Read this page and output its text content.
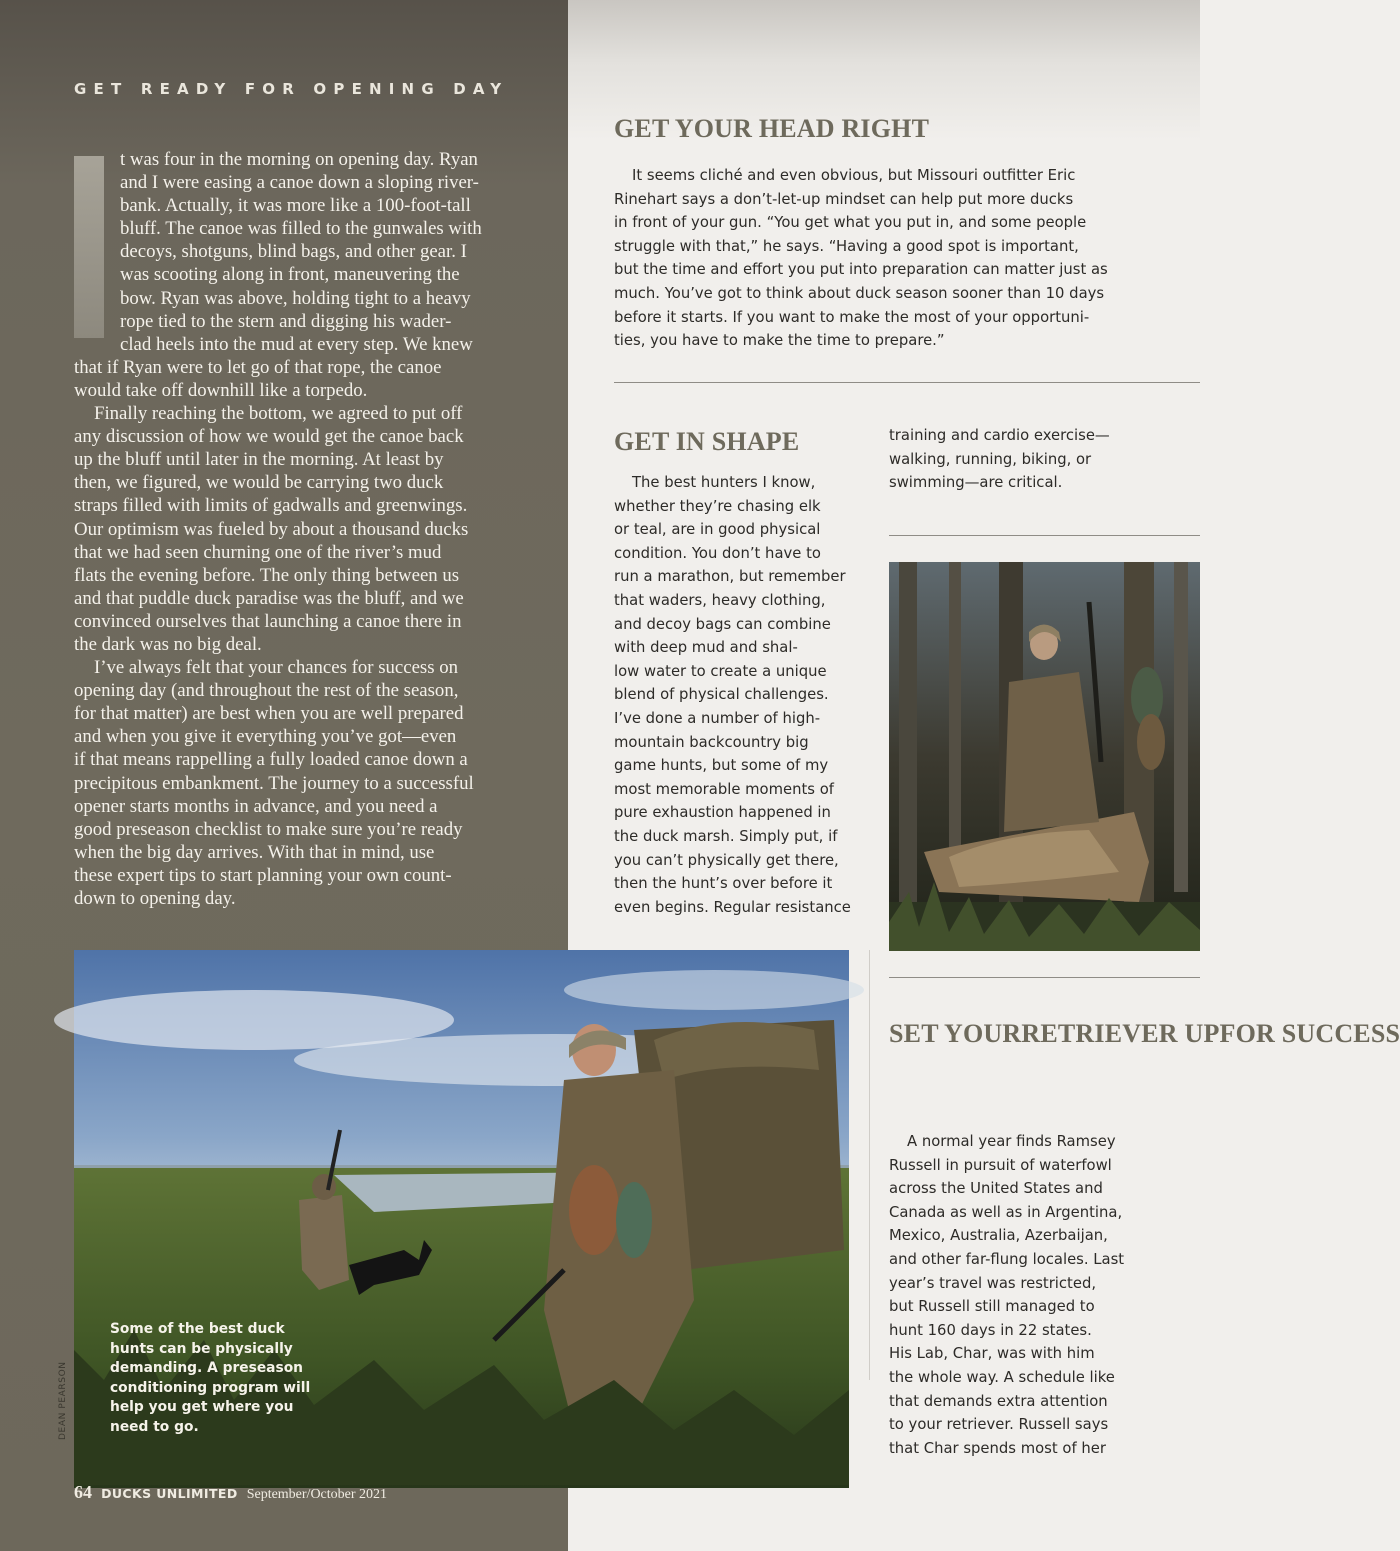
GET READY FOR OPENING DAY

t was four in the morning on opening day. Ryan
and I were easing a canoe down a sloping river-
bank. Actually, it was more like a 100-foot-tall
bluff. The canoe was filled to the gunwales with
decoys, shotguns, blind bags, and other gear. I
was scooting along in front, maneuvering the
bow. Ryan was above, holding tight to a heavy
rope tied to the stern and digging his wader-
clad heels into the mud at every step. We knew
that if Ryan were to let go of that rope, the canoe
would take off downhill like a torpedo.

Finally reaching the bottom, we agreed to put off
any discussion of how we would get the canoe back
up the bluff until later in the morning. At least by
then, we figured, we would be carrying two duck
straps filled with limits of gadwalls and greenwings.
Our optimism was fueled by about a thousand ducks
that we had seen churning one of the river’s mud
flats the evening before. The only thing between us
and that puddle duck paradise was the bluff, and we
convinced ourselves that launching a canoe there in
the dark was no big deal.

I’ve always felt that your chances for success on
opening day (and throughout the rest of the season,
for that matter) are best when you are well prepared
and when you give it everything you’ve got—even
if that means rappelling a fully loaded canoe down a
precipitous embankment. The journey to a successful
opener starts months in advance, and you need a
good preseason checklist to make sure you’re ready
when the big day arrives. With that in mind, use
these expert tips to start planning your own count-
down to opening day.

GET YOUR HEAD RIGHT
It seems cliché and even obvious, but Missouri outfitter Eric
Rinehart says a don’t-let-up mindset can help put more ducks
in front of your gun. “You get what you put in, and some people
struggle with that,” he says. “Having a good spot is important,
but the time and effort you put into preparation can matter just as
much. You’ve got to think about duck season sooner than 10 days
before it starts. If you want to make the most of your opportuni-
ties, you have to make the time to prepare.”
GET IN SHAPE
The best hunters I know,
whether they’re chasing elk
or teal, are in good physical
condition. You don’t have to
run a marathon, but remember
that waders, heavy clothing,
and decoy bags can combine
with deep mud and shal-
low water to create a unique
blend of physical challenges.
I’ve done a number of high-
mountain backcountry big
game hunts, but some of my
most memorable moments of
pure exhaustion happened in
the duck marsh. Simply put, if
you can’t physically get there,
then the hunt’s over before it
even begins. Regular resistance
training and cardio exercise—
walking, running, biking, or
swimming—are critical.
SET YOURRETRIEVER UPFOR SUCCESS
A normal year finds Ramsey
Russell in pursuit of waterfowl
across the United States and
Canada as well as in Argentina,
Mexico, Australia, Azerbaijan,
and other far-flung locales. Last
year’s travel was restricted,
but Russell still managed to
hunt 160 days in 22 states.
His Lab, Char, was with him
the whole way. A schedule like
that demands extra attention
to your retriever. Russell says
that Char spends most of her
Some of the best duck
hunts can be physically
demanding. A preseason
conditioning program will
help you get where you
need to go.
DEAN PEARSON
64 DUCKS UNLIMITED September/October 2021
